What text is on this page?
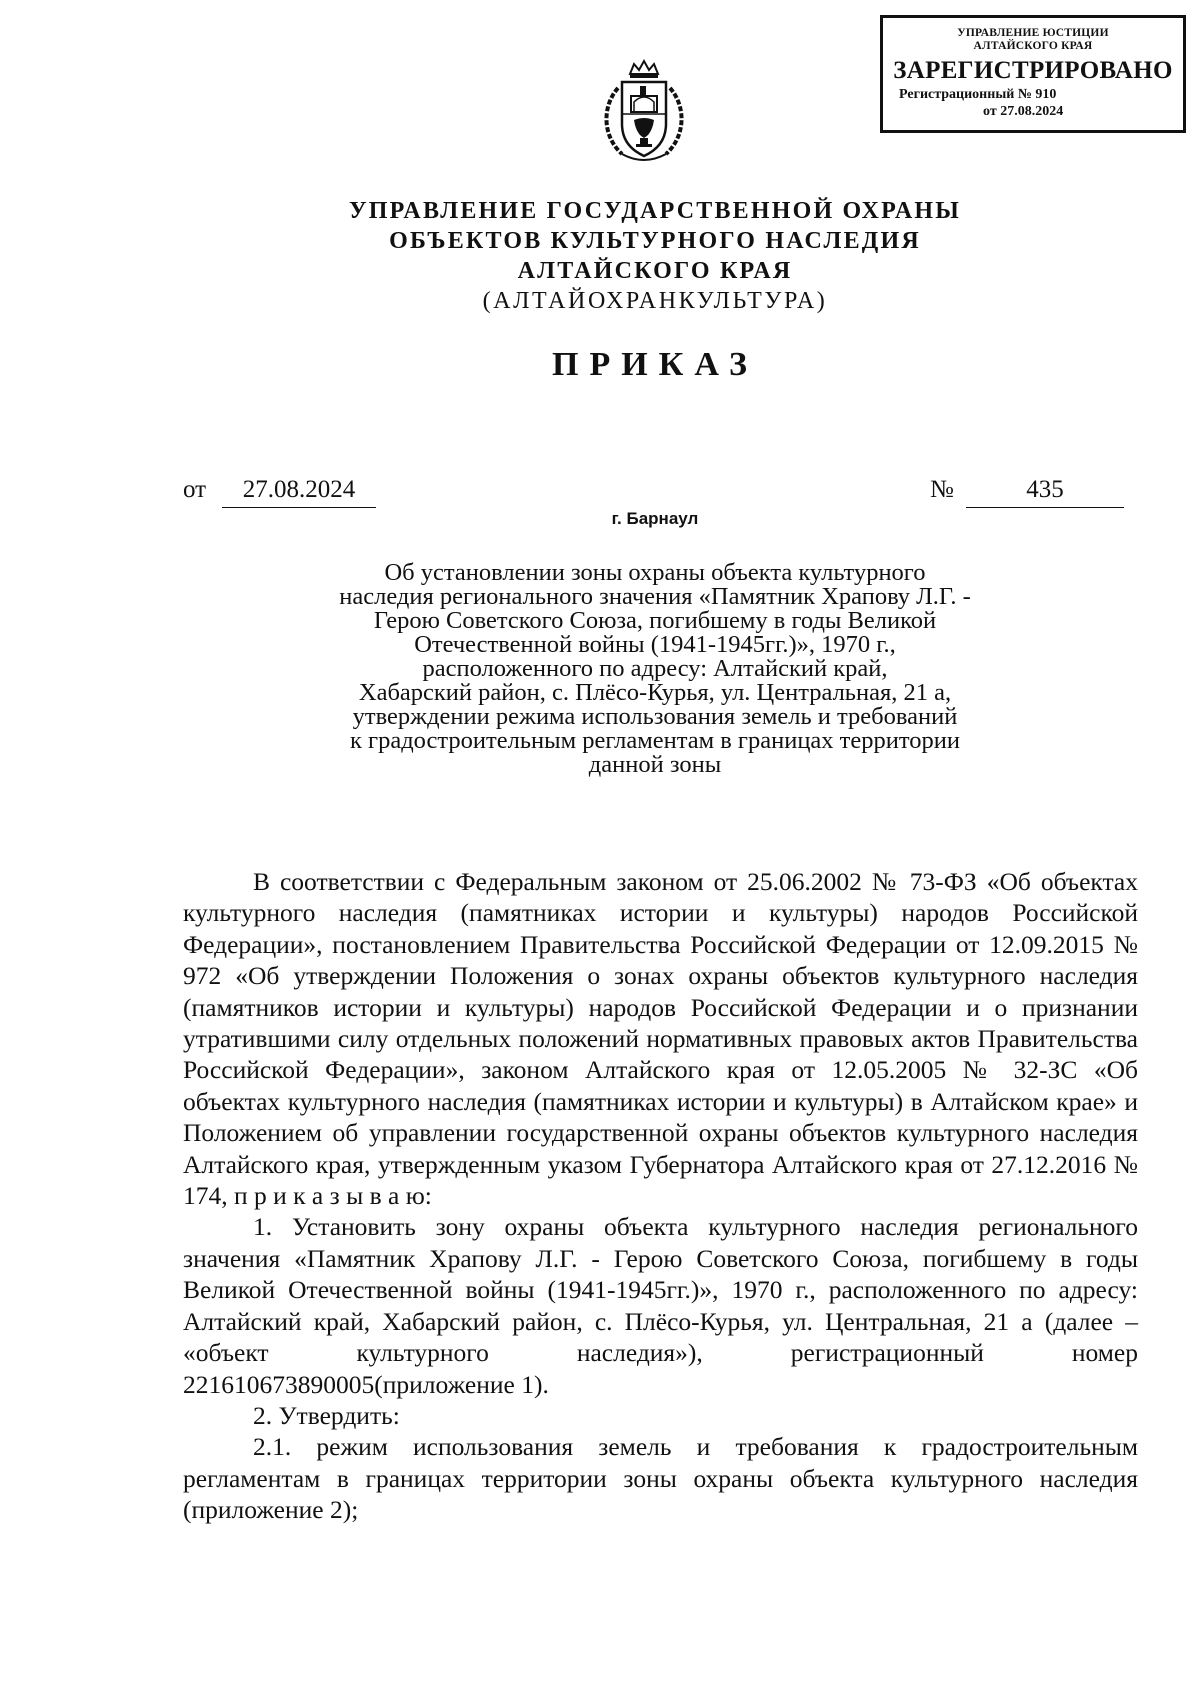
УПРАВЛЕНИЕ ЮСТИЦИИ
АЛТАЙСКОГО КРАЯ
ЗАРЕГИСТРИРОВАНО
Регистрационный № 910
от 27.08.2024
УПРАВЛЕНИЕ ГОСУДАРСТВЕННОЙ ОХРАНЫ
ОБЪЕКТОВ КУЛЬТУРНОГО НАСЛЕДИЯ
АЛТАЙСКОГО КРАЯ
(АЛТАЙОХРАНКУЛЬТУРА)
ПРИКАЗ
от	27.08.2024	№	435
г. Барнаул
Об установлении зоны охраны объекта культурного
наследия регионального значения «Памятник Храпову Л.Г. -
Герою Советского Союза, погибшему в годы Великой
Отечественной войны (1941-1945гг.)», 1970 г.,
расположенного по адресу: Алтайский край,
Хабарский район, с. Плёсо-Курья, ул. Центральная, 21 а,
утверждении режима использования земель и требований
к градостроительным регламентам в границах территории
данной зоны

В соответствии с Федеральным законом от 25.06.2002 № 73-ФЗ «Об объектах культурного наследия (памятниках истории и культуры) народов Российской Федерации», постановлением Правительства Российской Федерации от 12.09.2015 № 972 «Об утверждении Положения о зонах охраны объектов культурного наследия (памятников истории и культуры) народов Российской Федерации и о признании утратившими силу отдельных положений нормативных правовых актов Правительства Российской Федерации», законом Алтайского края от 12.05.2005 № 32-ЗС «Об объектах культурного наследия (памятниках истории и культуры) в Алтайском крае» и Положением об управлении государственной охраны объектов культурного наследия Алтайского края, утвержденным указом Губернатора Алтайского края от 27.12.2016 № 174, п р и к а з ы в а ю:

1. Установить зону охраны объекта культурного наследия регионального значения «Памятник Храпову Л.Г. - Герою Советского Союза, погибшему в годы Великой Отечественной войны (1941-1945гг.)», 1970 г., расположенного по адресу: Алтайский край, Хабарский район, с. Плёсо-Курья, ул. Центральная, 21 а (далее – «объект культурного наследия»), регистрационный номер 221610673890005(приложение 1).

2. Утвердить:

2.1. режим использования земель и требования к градостроительным регламентам в границах территории зоны охраны объекта культурного наследия (приложение 2);
